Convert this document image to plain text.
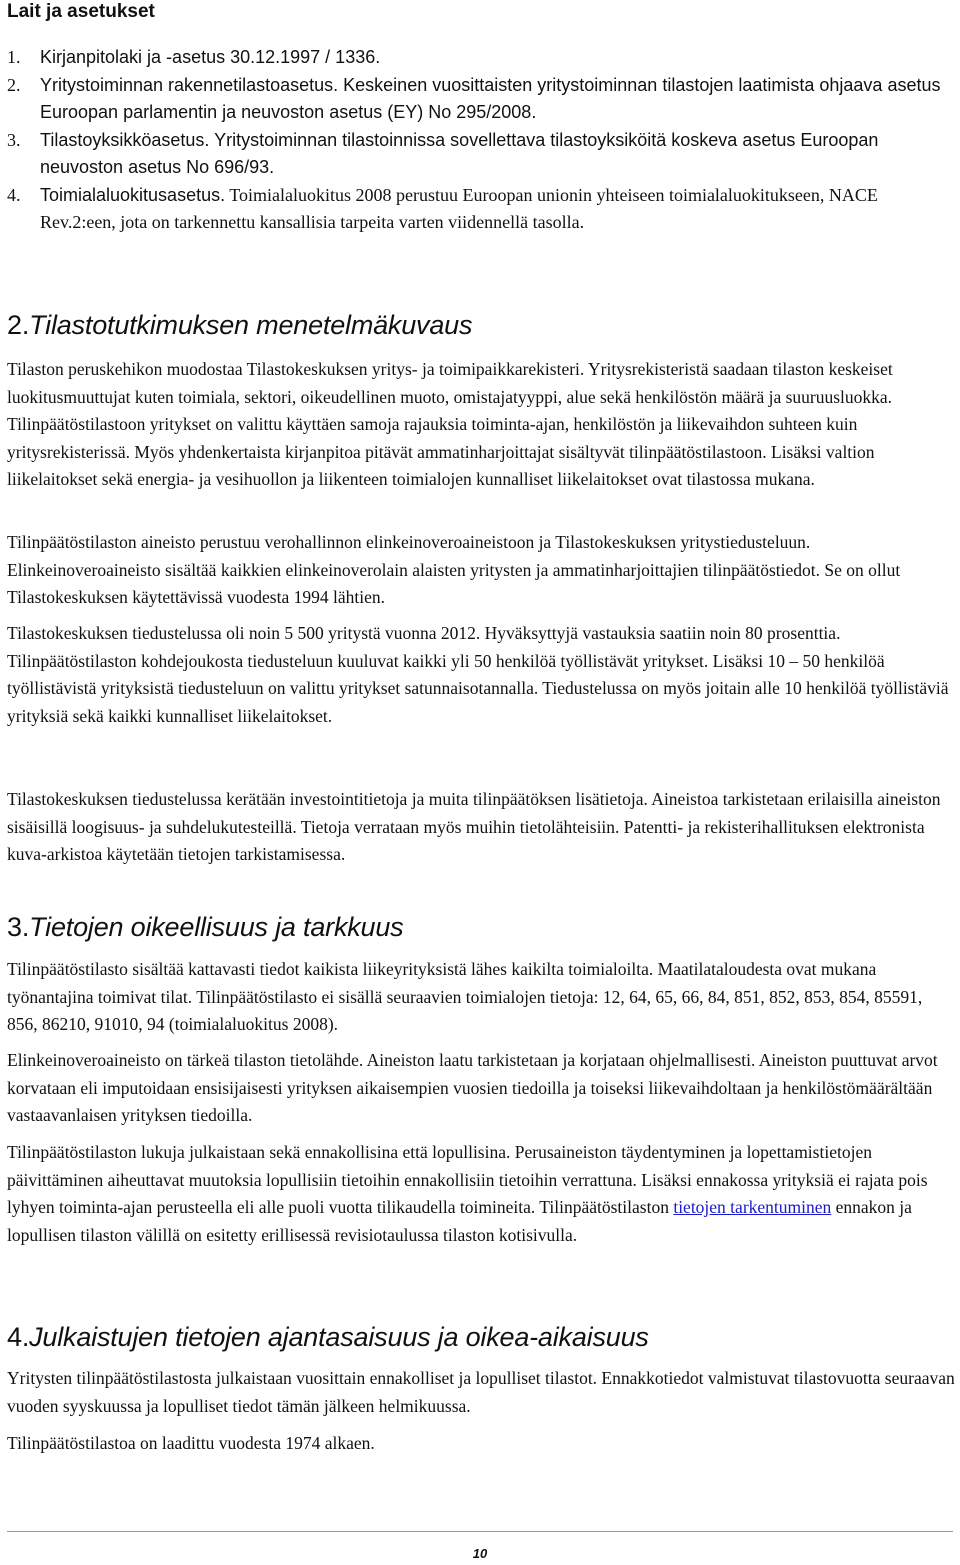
Lait ja asetukset
1. Kirjanpitolaki ja -asetus 30.12.1997 / 1336.
2. Yritystoiminnan rakennetilastoasetus. Keskeinen vuosittaisten yritystoiminnan tilastojen laatimista ohjaava asetus Euroopan parlamentin ja neuvoston asetus (EY) No 295/2008.
3. Tilastoyksikköasetus. Yritystoiminnan tilastoinnissa sovellettava tilastoyksiköitä koskeva asetus Euroopan neuvoston asetus No 696/93.
4. Toimialaluokitusasetus. Toimialaluokitus 2008 perustuu Euroopan unionin yhteiseen toimialaluokitukseen, NACE Rev.2:een, jota on tarkennettu kansallisia tarpeita varten viidennellä tasolla.
2.Tilastotutkimuksen menetelmäkuvaus

Tilaston peruskehikon muodostaa Tilastokeskuksen yritys- ja toimipaikkarekisteri. Yritysrekisteristä saadaan tilaston keskeiset luokitusmuuttujat kuten toimiala, sektori, oikeudellinen muoto, omistajatyyppi, alue sekä henkilöstön määrä ja suuruusluokka. Tilinpäätöstilastoon yritykset on valittu käyttäen samoja rajauksia toiminta-ajan, henkilöstön ja liikevaihdon suhteen kuin yritysrekisterissä. Myös yhdenkertaista kirjanpitoa pitävät ammatinharjoittajat sisältyvät tilinpäätöstilastoon. Lisäksi valtion liikelaitokset sekä energia- ja vesihuollon ja liikenteen toimialojen kunnalliset liikelaitokset ovat tilastossa mukana.

Tilinpäätöstilaston aineisto perustuu verohallinnon elinkeinoveroaineistoon ja Tilastokeskuksen yritystiedusteluun. Elinkeinoveroaineisto sisältää kaikkien elinkeinoverolain alaisten yritysten ja ammatinharjoittajien tilinpäätöstiedot. Se on ollut Tilastokeskuksen käytettävissä vuodesta 1994 lähtien.

Tilastokeskuksen tiedustelussa oli noin 5 500 yritystä vuonna 2012. Hyväksyttyjä vastauksia saatiin noin 80 prosenttia. Tilinpäätöstilaston kohdejoukosta tiedusteluun kuuluvat kaikki yli 50 henkilöä työllistävät yritykset. Lisäksi 10 – 50 henkilöä työllistävistä yrityksistä tiedusteluun on valittu yritykset satunnaisotannalla. Tiedustelussa on myös joitain alle 10 henkilöä työllistäviä yrityksiä sekä kaikki kunnalliset liikelaitokset.

Tilastokeskuksen tiedustelussa kerätään investointitietoja ja muita tilinpäätöksen lisätietoja. Aineistoa tarkistetaan erilaisilla aineiston sisäisillä loogisuus- ja suhdelukutesteillä. Tietoja verrataan myös muihin tietolähteisiin. Patentti- ja rekisterihallituksen elektronista kuva-arkistoa käytetään tietojen tarkistamisessa.

3.Tietojen oikeellisuus ja tarkkuus

Tilinpäätöstilasto sisältää kattavasti tiedot kaikista liikeyrityksistä lähes kaikilta toimialoilta. Maatilataloudesta ovat mukana työnantajina toimivat tilat. Tilinpäätöstilasto ei sisällä seuraavien toimialojen tietoja: 12, 64, 65, 66, 84, 851, 852, 853, 854, 85591, 856, 86210, 91010, 94 (toimialaluokitus 2008).

Elinkeinoveroaineisto on tärkeä tilaston tietolähde. Aineiston laatu tarkistetaan ja korjataan ohjelmallisesti. Aineiston puuttuvat arvot korvataan eli imputoidaan ensisijaisesti yrityksen aikaisempien vuosien tiedoilla ja toiseksi liikevaihdoltaan ja henkilöstömäärältään vastaavanlaisen yrityksen tiedoilla.

Tilinpäätöstilaston lukuja julkaistaan sekä ennakollisina että lopullisina. Perusaineiston täydentyminen ja lopettamistietojen päivittäminen aiheuttavat muutoksia lopullisiin tietoihin ennakollisiin tietoihin verrattuna. Lisäksi ennakossa yrityksiä ei rajata pois lyhyen toiminta-ajan perusteella eli alle puoli vuotta tilikaudella toimineita. Tilinpäätöstilaston tietojen tarkentuminen ennakon ja lopullisen tilaston välillä on esitetty erillisessä revisiotaulussa tilaston kotisivulla.

4.Julkaistujen tietojen ajantasaisuus ja oikea-aikaisuus

Yritysten tilinpäätöstilastosta julkaistaan vuosittain ennakolliset ja lopulliset tilastot. Ennakkotiedot valmistuvat tilastovuotta seuraavan vuoden syyskuussa ja lopulliset tiedot tämän jälkeen helmikuussa.

Tilinpäätöstilastoa on laadittu vuodesta 1974 alkaen.

10
